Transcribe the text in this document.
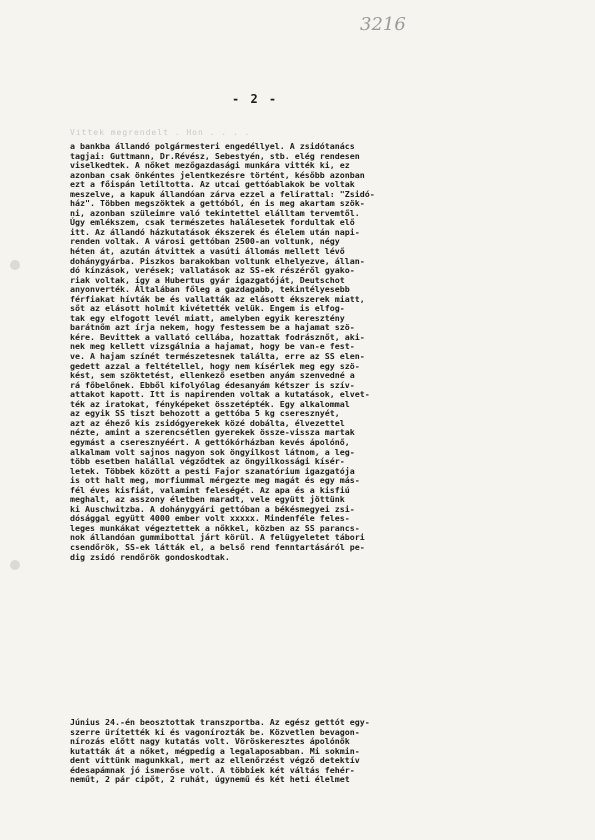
3216
- 2 -
Vittek megrendelt . Hon . . . .
a bankba állandó polgármesteri engedéllyel. A zsidótanács
tagjai: Guttmann, Dr.Révész, Sebestyén, stb. elég rendesen
viselkedtek. A nőket mezőgazdasági munkára vitték ki, ez
azonban csak önkéntes jelentkezésre történt, később azonban
ezt a főispán letiltotta. Az utcai gettóablakok be voltak
meszelve, a kapuk állandóan zárva ezzel a felirattal: "Zsidó-
ház". Többen megszöktek a gettóból, én is meg akartam szök-
ni, azonban szüleimre való tekintettel elálltam tervemtől.
Úgy emlékszem, csak természetes halálesetek fordultak elő
itt. Az állandó házkutatások ékszerek és élelem után napi-
renden voltak. A városi gettóban 2500-an voltunk, négy
héten át, azután átvittek a vasúti állomás mellett lévő
dohánygyárba. Piszkos barakokban voltunk elhelyezve, állan-
dó kínzások, verések; vallatások az SS-ek részéről gyako-
riak voltak, így a Hubertus gyár igazgatóját, Deutschot
anyonverték. Általában főleg a gazdagabb, tekintélyesebb
férfiakat hívták be és vallatták az elásott ékszerek miatt,
sőt az elásott holmit kivétették velük. Engem is elfog-
tak egy elfogott levél miatt, amelyben egyik keresztény
barátnőm azt írja nekem, hogy festessem be a hajamat szö-
kére. Bevittek a vallató cellába, hozattak fodrásznőt, aki-
nek meg kellett vizsgálnia a hajamat, hogy be van-e fest-
ve. A hajam színét természetesnek találta, erre az SS elen-
gedett azzal a feltétellel, hogy nem kísérlek meg egy szö-
kést, sem szöktetést, ellenkező esetben anyám szenvedné a
rá főbelőnek. Ebből kifolyólag édesanyám kétszer is szív-
attakot kapott. Itt is napirenden voltak a kutatások, elvet-
ték az iratokat, fényképeket összetépték. Egy alkalommal
az egyik SS tiszt behozott a gettóba 5 kg cseresznyét,
azt az éhező kis zsidógyerekek közé dobálta, élvezettel
nézte, amint a szerencsétlen gyerekek össze-vissza martak
egymást a cseresznyéért. A gettókórházban kevés ápolónő,
alkalmam volt sajnos nagyon sok öngyilkost látnom, a leg-
több esetben halállal végződtek az öngyilkossági kísér-
letek. Többek között a pesti Fajor szanatórium igazgatója
is ott halt meg, morfiummal mérgezte meg magát és egy más-
fél éves kisfiát, valamint feleségét. Az apa és a kisfiú
meghalt, az asszony életben maradt, vele együtt jöttünk
ki Auschwitzba. A dohánygyári gettóban a békésmegyei zsi-
dósággal együtt 4000 ember volt xxxxx. Mindenféle feles-
leges munkákat végeztettek a nőkkel, közben az SS parancs-
nok állandóan gummibottal járt körül. A felügyeletet tábori
csendőrök, SS-ek látták el, a belső rend fenntartásáról pe-
dig zsidó rendőrök gondoskodtak.
Június 24.-én beosztottak transzportba. Az egész gettót egy-
szerre ürítették ki és vagonírozták be. Közvetlen bevagon-
nírozás előtt nagy kutatás volt. Vöröskeresztes ápolónők
kutatták át a nőket, mégpedig a legalaposabban. Mi sokmin-
dent vittünk magunkkal, mert az ellenőrzést végző detektív
édesapámnak jó ismerőse volt. A többiek két váltás fehér-
neműt, 2 pár cipőt, 2 ruhát, úgynemű és két heti élelmet
